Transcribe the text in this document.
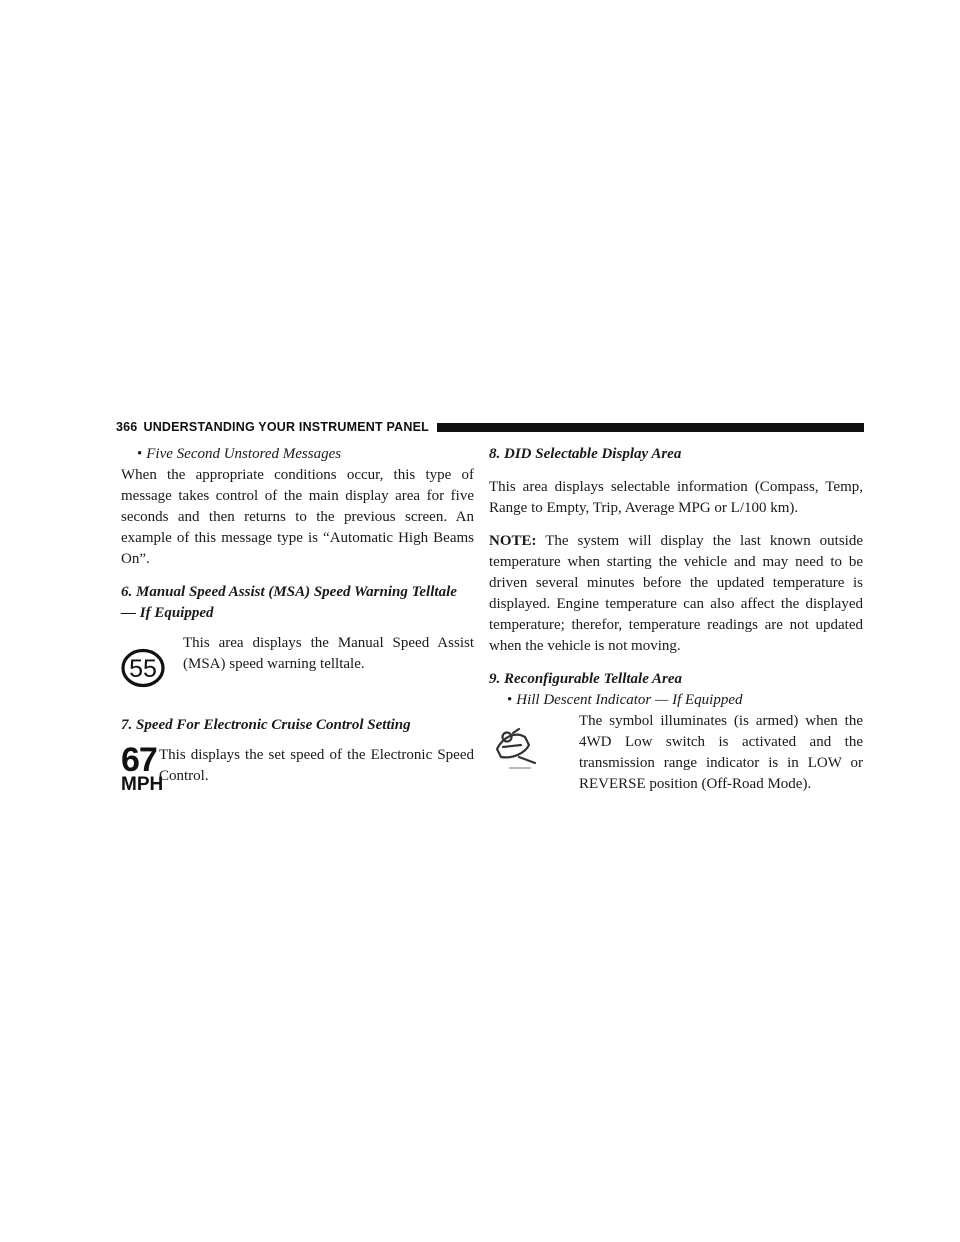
366 UNDERSTANDING YOUR INSTRUMENT PANEL
• Five Second Unstored Messages

When the appropriate conditions occur, this type of message takes control of the main display area for five seconds and then returns to the previous screen. An example of this message type is “Automatic High Beams On”.

6. Manual Speed Assist (MSA) Speed Warning Telltale — If Equipped
55
This area displays the Manual Speed Assist (MSA) speed warning telltale.
7. Speed For Electronic Cruise Control Setting
67
MPH
This displays the set speed of the Electronic Speed Control.
8. DID Selectable Display Area

This area displays selectable information (Compass, Temp, Range to Empty, Trip, Average MPG or L/100 km).

NOTE: The system will display the last known outside temperature when starting the vehicle and may need to be driven several minutes before the updated temperature is displayed. Engine temperature can also affect the displayed temperature; therefor, temperature readings are not updated when the vehicle is not moving.

9. Reconfigurable Telltale Area
• Hill Descent Indicator — If Equipped
The symbol illuminates (is armed) when the 4WD Low switch is activated and the transmission range indicator is in LOW or REVERSE position (Off-Road Mode).
